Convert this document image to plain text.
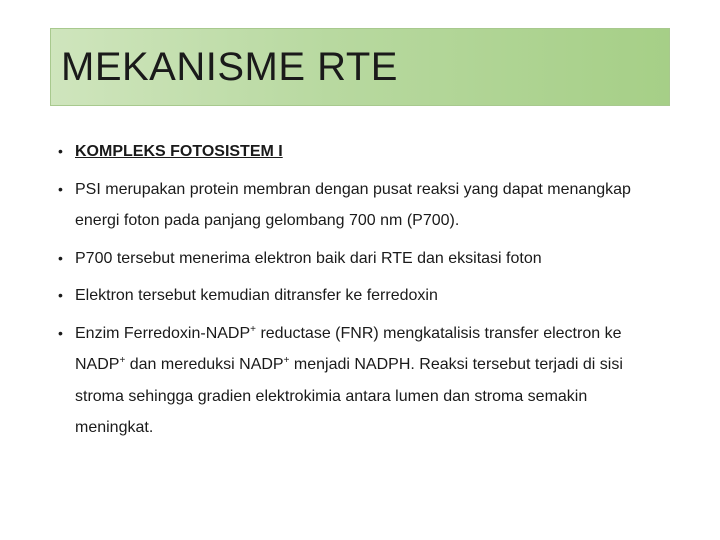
MEKANISME RTE
• KOMPLEKS FOTOSISTEM I
• PSI merupakan protein membran dengan pusat reaksi yang dapat menangkap energi foton pada panjang gelombang 700 nm (P700).
• P700 tersebut menerima elektron baik dari RTE dan eksitasi foton
• Elektron tersebut kemudian ditransfer ke ferredoxin
• Enzim Ferredoxin-NADP+ reductase (FNR) mengkatalisis transfer electron ke NADP+ dan mereduksi NADP+ menjadi NADPH. Reaksi tersebut terjadi di sisi stroma sehingga gradien elektrokimia antara lumen dan stroma semakin meningkat.
